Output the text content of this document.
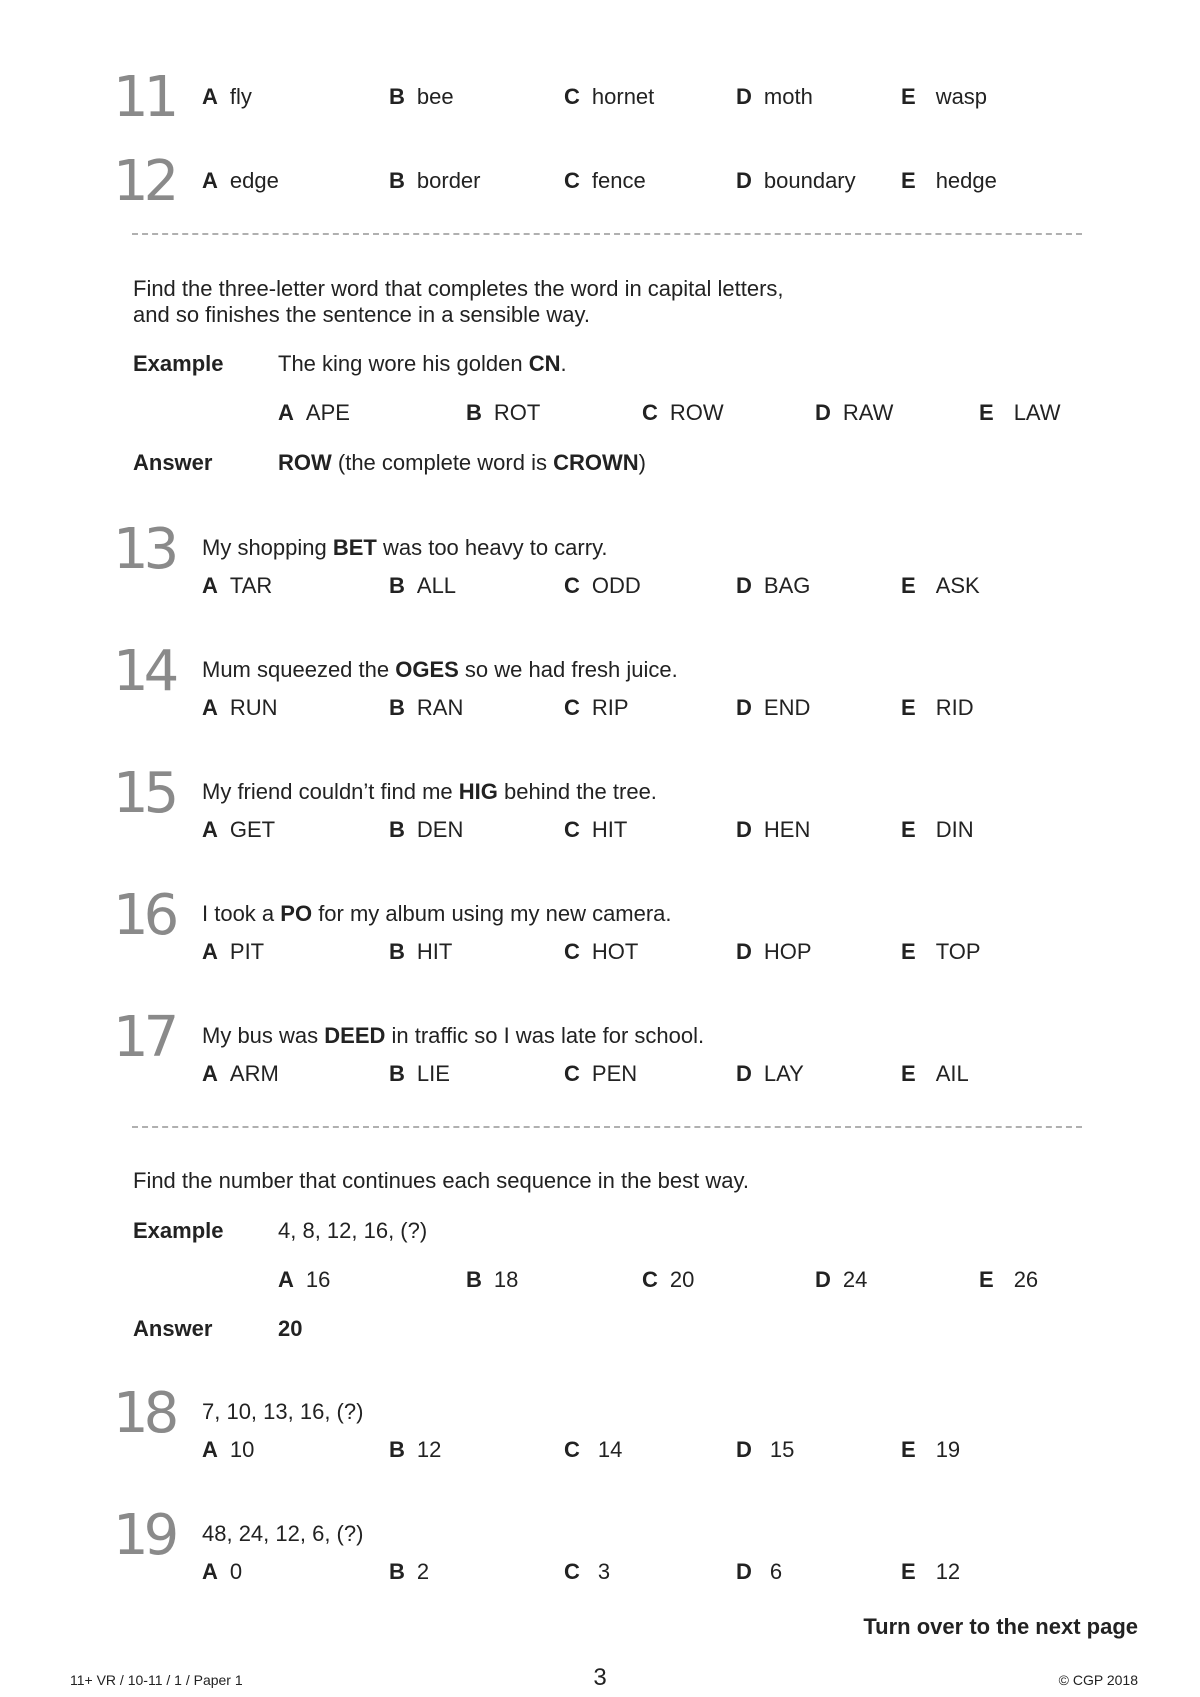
11	A fly	B bee	C hornet	D moth	E wasp
12	A edge	B border	C fence	D boundary E hedge
Find the three-letter word that completes the word in capital letters,
and so finishes the sentence in a sensible way.
Example The king wore his golden CN.
A APE	B ROT	C ROW	D RAW	E LAW
Answer	ROW (the complete word is CROWN)
13	My shopping BET was too heavy to carry.
A TAR	B ALL	C ODD	D BAG	E ASK
14	Mum squeezed the OGES so we had fresh juice.
A RUN	B RAN	C RIP	D END	E RID
15	My friend couldn’t find me HIG behind the tree.
A GET	B DEN	C HIT	D HEN	E DIN
16	I took a PO for my album using my new camera.
A PIT	B HIT	C HOT	D HOP	E TOP
17	My bus was DEED in traffic so I was late for school.
A ARM	B LIE	C PEN	D LAY	E AIL
Find the number that continues each sequence in the best way.
Example 4, 8, 12, 16, (?)
A 16	B 18	C 20	D 24	E 26
Answer	20
18	7, 10, 13, 16, (?)
A 10	B 12	C 14	D 15	E 19
19	48, 24, 12, 6, (?)
A 0	B 2	C 3	D 6	E 12
Turn over to the next page
11+ VR / 10-11 / 1 / Paper 1	3	© CGP 2018
